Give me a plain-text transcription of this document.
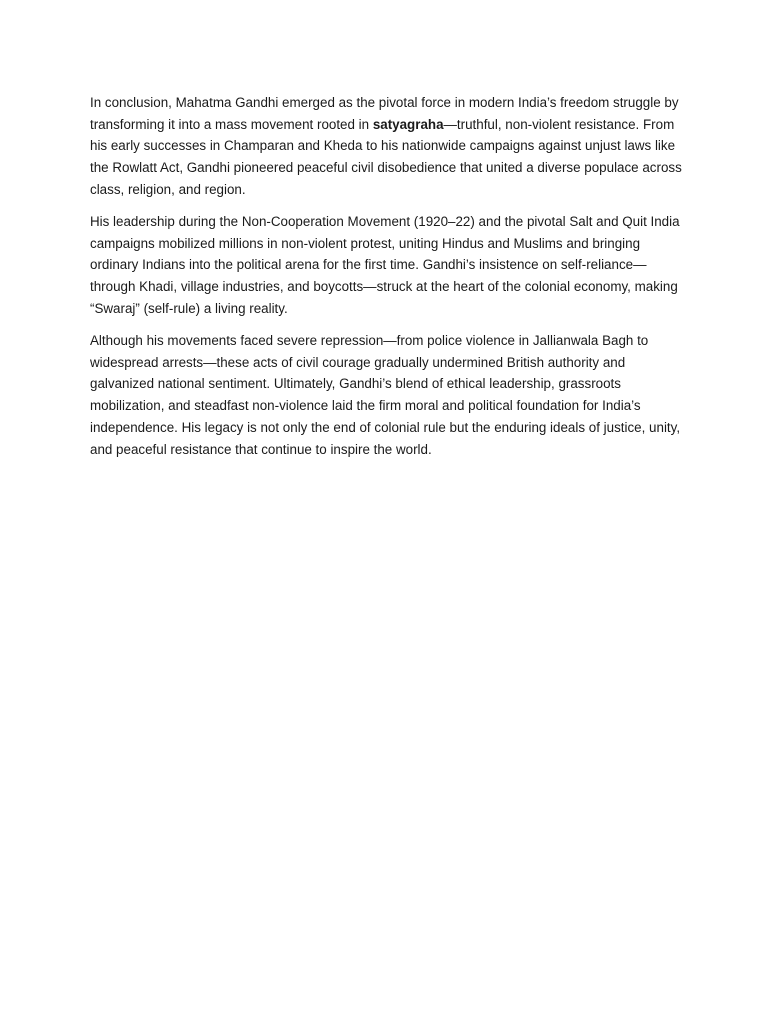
In conclusion, Mahatma Gandhi emerged as the pivotal force in modern India’s freedom struggle by transforming it into a mass movement rooted in satyagraha—truthful, non-violent resistance. From his early successes in Champaran and Kheda to his nationwide campaigns against unjust laws like the Rowlatt Act, Gandhi pioneered peaceful civil disobedience that united a diverse populace across class, religion, and region.

His leadership during the Non-Cooperation Movement (1920–22) and the pivotal Salt and Quit India campaigns mobilized millions in non-violent protest, uniting Hindus and Muslims and bringing ordinary Indians into the political arena for the first time. Gandhi’s insistence on self-reliance—through Khadi, village industries, and boycotts—struck at the heart of the colonial economy, making “Swaraj” (self-rule) a living reality.

Although his movements faced severe repression—from police violence in Jallianwala Bagh to widespread arrests—these acts of civil courage gradually undermined British authority and galvanized national sentiment. Ultimately, Gandhi’s blend of ethical leadership, grassroots mobilization, and steadfast non-violence laid the firm moral and political foundation for India’s independence. His legacy is not only the end of colonial rule but the enduring ideals of justice, unity, and peaceful resistance that continue to inspire the world.
